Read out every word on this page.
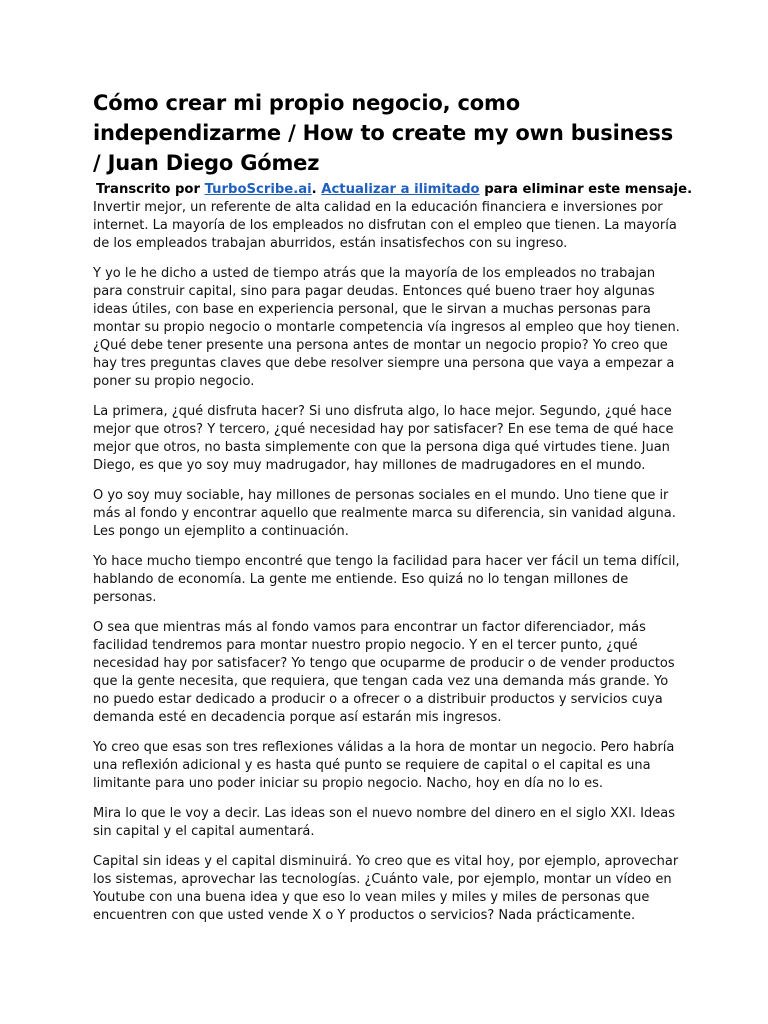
Cómo crear mi propio negocio, como independizarme / How to create my own business / Juan Diego Gómez
Transcrito por TurboScribe.ai. Actualizar a ilimitado para eliminar este mensaje.

Invertir mejor, un referente de alta calidad en la educación financiera e inversiones por internet. La mayoría de los empleados no disfrutan con el empleo que tienen. La mayoría de los empleados trabajan aburridos, están insatisfechos con su ingreso.

Y yo le he dicho a usted de tiempo atrás que la mayoría de los empleados no trabajan para construir capital, sino para pagar deudas. Entonces qué bueno traer hoy algunas ideas útiles, con base en experiencia personal, que le sirvan a muchas personas para montar su propio negocio o montarle competencia vía ingresos al empleo que hoy tienen. ¿Qué debe tener presente una persona antes de montar un negocio propio? Yo creo que hay tres preguntas claves que debe resolver siempre una persona que vaya a empezar a poner su propio negocio.

La primera, ¿qué disfruta hacer? Si uno disfruta algo, lo hace mejor. Segundo, ¿qué hace mejor que otros? Y tercero, ¿qué necesidad hay por satisfacer? En ese tema de qué hace mejor que otros, no basta simplemente con que la persona diga qué virtudes tiene. Juan Diego, es que yo soy muy madrugador, hay millones de madrugadores en el mundo.

O yo soy muy sociable, hay millones de personas sociales en el mundo. Uno tiene que ir más al fondo y encontrar aquello que realmente marca su diferencia, sin vanidad alguna. Les pongo un ejemplito a continuación.

Yo hace mucho tiempo encontré que tengo la facilidad para hacer ver fácil un tema difícil, hablando de economía. La gente me entiende. Eso quizá no lo tengan millones de personas.

O sea que mientras más al fondo vamos para encontrar un factor diferenciador, más facilidad tendremos para montar nuestro propio negocio. Y en el tercer punto, ¿qué necesidad hay por satisfacer? Yo tengo que ocuparme de producir o de vender productos que la gente necesita, que requiera, que tengan cada vez una demanda más grande. Yo no puedo estar dedicado a producir o a ofrecer o a distribuir productos y servicios cuya demanda esté en decadencia porque así estarán mis ingresos.

Yo creo que esas son tres reflexiones válidas a la hora de montar un negocio. Pero habría una reflexión adicional y es hasta qué punto se requiere de capital o el capital es una limitante para uno poder iniciar su propio negocio. Nacho, hoy en día no lo es.

Mira lo que le voy a decir. Las ideas son el nuevo nombre del dinero en el siglo XXI. Ideas sin capital y el capital aumentará.

Capital sin ideas y el capital disminuirá. Yo creo que es vital hoy, por ejemplo, aprovechar los sistemas, aprovechar las tecnologías. ¿Cuánto vale, por ejemplo, montar un vídeo en Youtube con una buena idea y que eso lo vean miles y miles y miles de personas que encuentren con que usted vende X o Y productos o servicios? Nada prácticamente.
